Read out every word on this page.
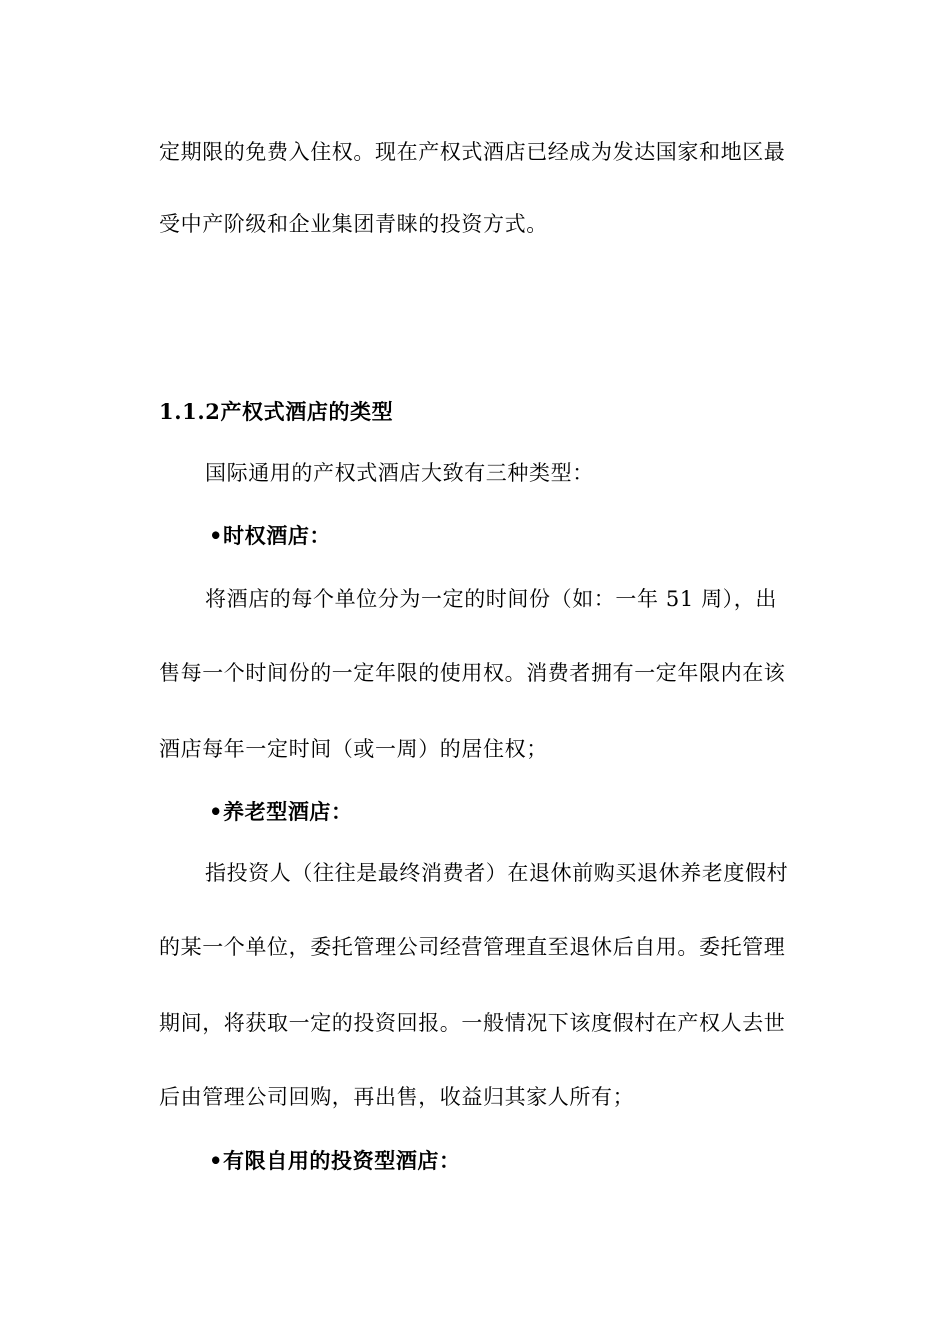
定期限的免费入住权。现在产权式酒店已经成为发达国家和地区最
受中产阶级和企业集团青睐的投资方式。
1.1.2产权式酒店的类型
国际通用的产权式酒店大致有三种类型：
•时权酒店：
将酒店的每个单位分为一定的时间份（如：一年 51 周），出
售每一个时间份的一定年限的使用权。消费者拥有一定年限内在该
酒店每年一定时间（或一周）的居住权；
•养老型酒店：
指投资人（往往是最终消费者）在退休前购买退休养老度假村
的某一个单位，委托管理公司经营管理直至退休后自用。委托管理
期间，将获取一定的投资回报。一般情况下该度假村在产权人去世
后由管理公司回购，再出售，收益归其家人所有；
•有限自用的投资型酒店：
